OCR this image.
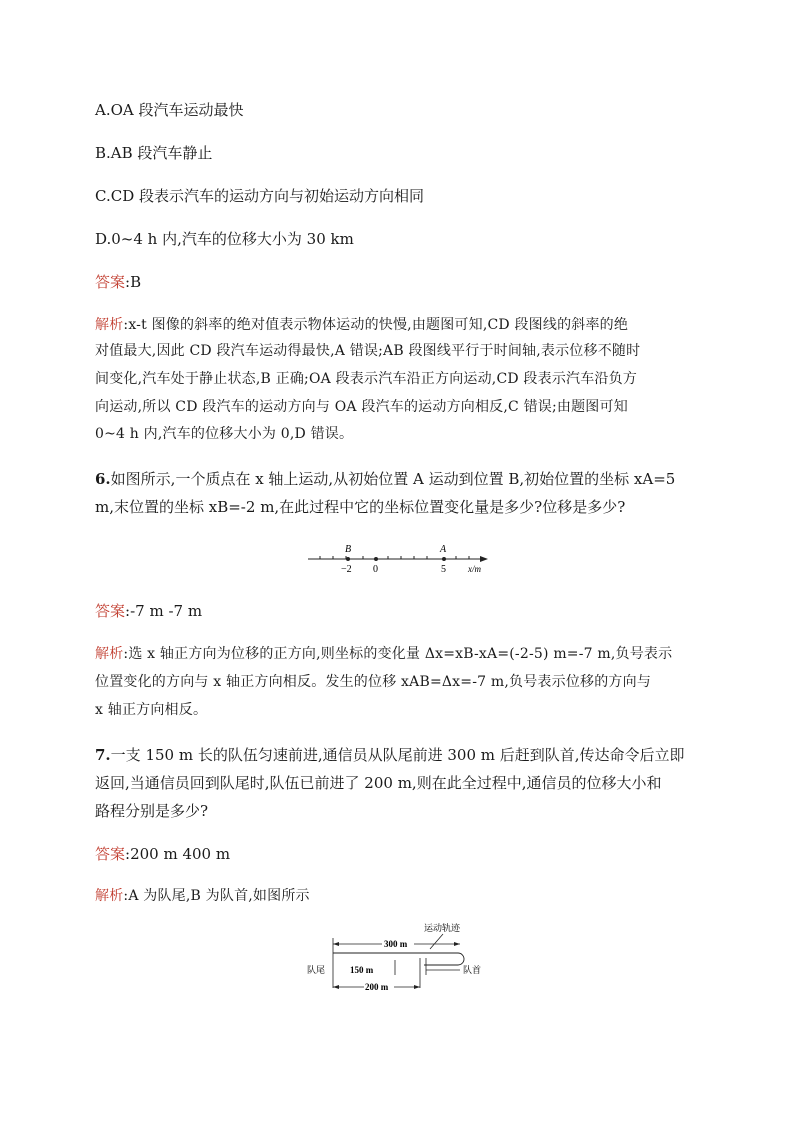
A.OA 段汽车运动最快
B.AB 段汽车静止
C.CD 段表示汽车的运动方向与初始运动方向相同
D.0~4 h 内,汽车的位移大小为 30 km
答案:B
解析:x-t 图像的斜率的绝对值表示物体运动的快慢,由题图可知,CD 段图线的斜率的绝
对值最大,因此 CD 段汽车运动得最快,A 错误;AB 段图线平行于时间轴,表示位移不随时
间变化,汽车处于静止状态,B 正确;OA 段表示汽车沿正方向运动,CD 段表示汽车沿负方
向运动,所以 CD 段汽车的运动方向与 OA 段汽车的运动方向相反,C 错误;由题图可知
0~4 h 内,汽车的位移大小为 0,D 错误。
6.如图所示,一个质点在 x 轴上运动,从初始位置 A 运动到位置 B,初始位置的坐标 xA=5
m,末位置的坐标 xB=-2 m,在此过程中它的坐标位置变化量是多少?位移是多少?
B	A
−2 0	5 x/m
答案:-7 m -7 m
解析:选 x 轴正方向为位移的正方向,则坐标的变化量 Δx=xB-xA=(-2-5) m=-7 m,负号表示
位置变化的方向与 x 轴正方向相反。发生的位移 xAB=Δx=-7 m,负号表示位移的方向与
x 轴正方向相反。
7.一支 150 m 长的队伍匀速前进,通信员从队尾前进 300 m 后赶到队首,传达命令后立即
返回,当通信员回到队尾时,队伍已前进了 200 m,则在此全过程中,通信员的位移大小和
路程分别是多少?
答案:200 m 400 m
解析:A 为队尾,B 为队首,如图所示
运动轨迹
300 m
150 m	队首
队尾
200 m
